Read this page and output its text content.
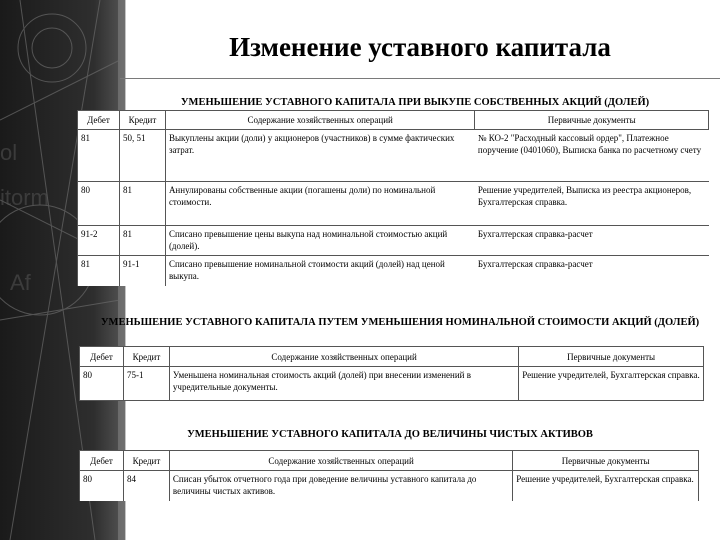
ol
itorm
Af
Изменение уставного капитала
УМЕНЬШЕНИЕ УСТАВНОГО КАПИТАЛА ПРИ ВЫКУПЕ СОБСТВЕННЫХ АКЦИЙ (ДОЛЕЙ)
Дебет	Кредит	Содержание хозяйственных операций	Первичные документы
81	50, 51	Выкуплены акции (доли) у акционеров (участников) в сумме фактических затрат.	№ КО-2 "Расходный кассовый ордер", Платежное поручение (0401060), Выписка банка по расчетному счету
80	81	Аннулированы собственные акции (погашены доли) по номинальной стоимости.	Решение учредителей, Выписка из реестра акционеров, Бухгалтерская справка.
91-2	81	Списано превышение цены выкупа над номинальной стоимостью акций (долей).	Бухгалтерская справка-расчет
81	91-1	Списано превышение номинальной стоимости акций (долей) над ценой выкупа.	Бухгалтерская справка-расчет
УМЕНЬШЕНИЕ УСТАВНОГО КАПИТАЛА ПУТЕМ УМЕНЬШЕНИЯ НОМИНАЛЬНОЙ СТОИМОСТИ АКЦИЙ (ДОЛЕЙ)
Дебет	Кредит	Содержание хозяйственных операций	Первичные документы
80	75-1	Уменьшена номинальная стоимость акций (долей) при внесении изменений в учредительные документы.	Решение учредителей, Бухгалтерская справка.
УМЕНЬШЕНИЕ УСТАВНОГО КАПИТАЛА ДО ВЕЛИЧИНЫ ЧИСТЫХ АКТИВОВ
Дебет	Кредит	Содержание хозяйственных операций	Первичные документы
80	84	Списан убыток отчетного года при доведение величины уставного капитала до величины чистых активов.	Решение учредителей, Бухгалтерская справка.
